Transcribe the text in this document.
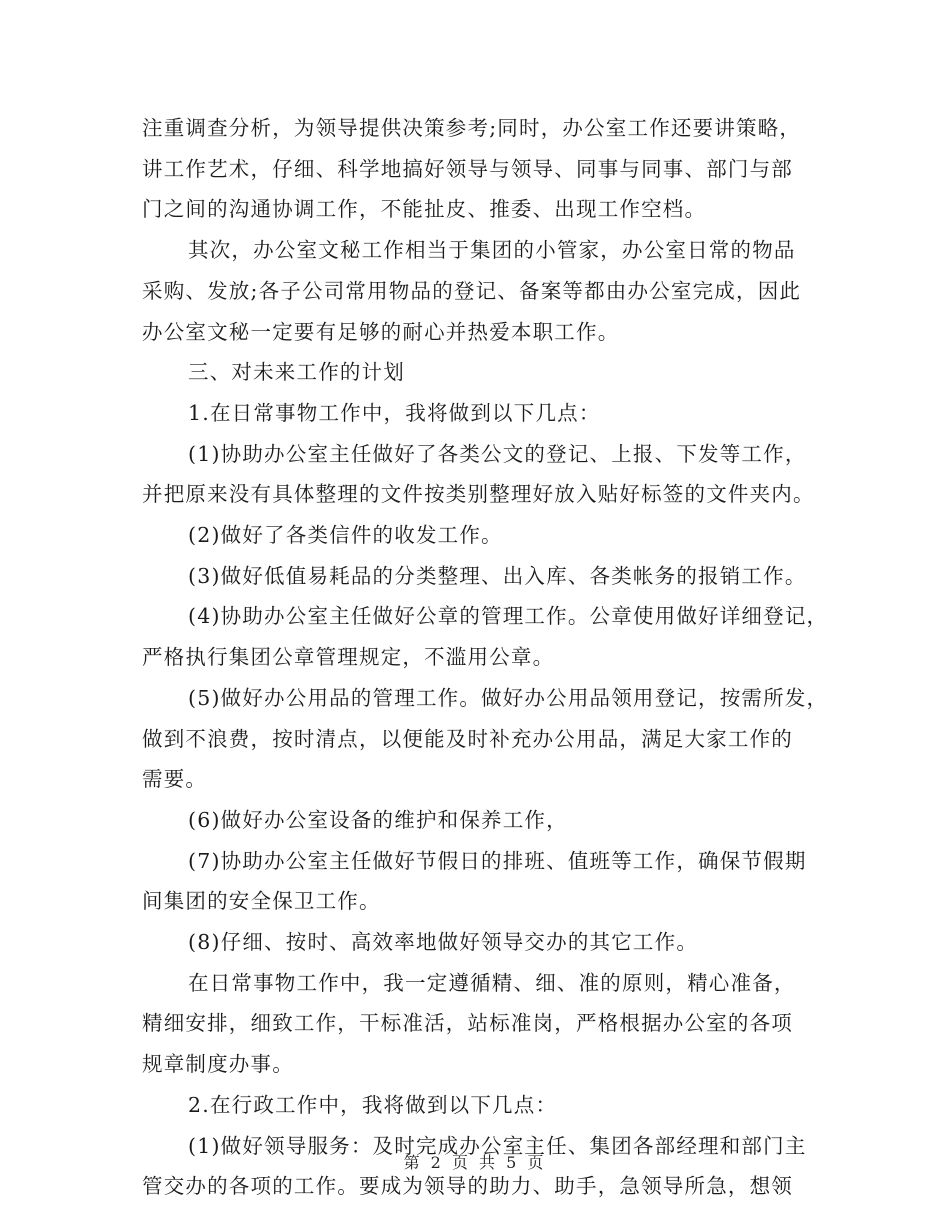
注重调查分析，为领导提供决策参考;同时，办公室工作还要讲策略，
讲工作艺术，仔细、科学地搞好领导与领导、同事与同事、部门与部
门之间的沟通协调工作，不能扯皮、推委、出现工作空档。

其次，办公室文秘工作相当于集团的小管家，办公室日常的物品
采购、发放;各子公司常用物品的登记、备案等都由办公室完成，因此
办公室文秘一定要有足够的耐心并热爱本职工作。

三、对未来工作的计划

1.在日常事物工作中，我将做到以下几点：

(1)协助办公室主任做好了各类公文的登记、上报、下发等工作，
并把原来没有具体整理的文件按类别整理好放入贴好标签的文件夹内。

(2)做好了各类信件的收发工作。

(3)做好低值易耗品的分类整理、出入库、各类帐务的报销工作。

(4)协助办公室主任做好公章的管理工作。公章使用做好详细登记，
严格执行集团公章管理规定，不滥用公章。

(5)做好办公用品的管理工作。做好办公用品领用登记，按需所发，
做到不浪费，按时清点，以便能及时补充办公用品，满足大家工作的
需要。

(6)做好办公室设备的维护和保养工作，

(7)协助办公室主任做好节假日的排班、值班等工作，确保节假期
间集团的安全保卫工作。

(8)仔细、按时、高效率地做好领导交办的其它工作。

在日常事物工作中，我一定遵循精、细、准的原则，精心准备，
精细安排，细致工作，干标准活，站标准岗，严格根据办公室的各项
规章制度办事。

2.在行政工作中，我将做到以下几点：

(1)做好领导服务：及时完成办公室主任、集团各部经理和部门主
管交办的各项的工作。要成为领导的助力、助手，急领导所急，想领

第 2 页 共 5 页
